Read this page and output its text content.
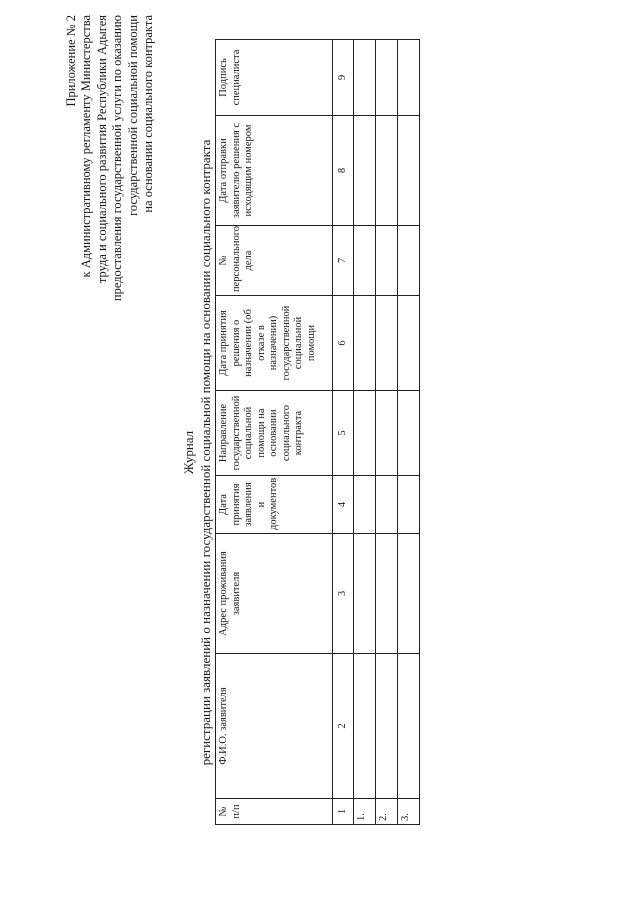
Приложение № 2 к Административному регламенту Министерства труда и социального развития Республики Адыгея предоставления государственной услуги по оказанию государственной социальной помощи на основании социального контракта
Журнал регистрации заявлений о назначении государственной социальной помощи на основании социального контракта
№ п/п	Ф.И.О. заявителя	Адрес проживания заявителя	Дата принятия заявления и документов	Направление государственной социальной помощи на основании социального контракта	Дата принятия решения о назначении (об отказе в назначении) государственной социальной помощи	№ персонального дела	Дата отправки заявителю решения с исходящим номером	Подпись специалиста
1	2	3	4	5	6	7	8	9
1.								
2.								
3.								
